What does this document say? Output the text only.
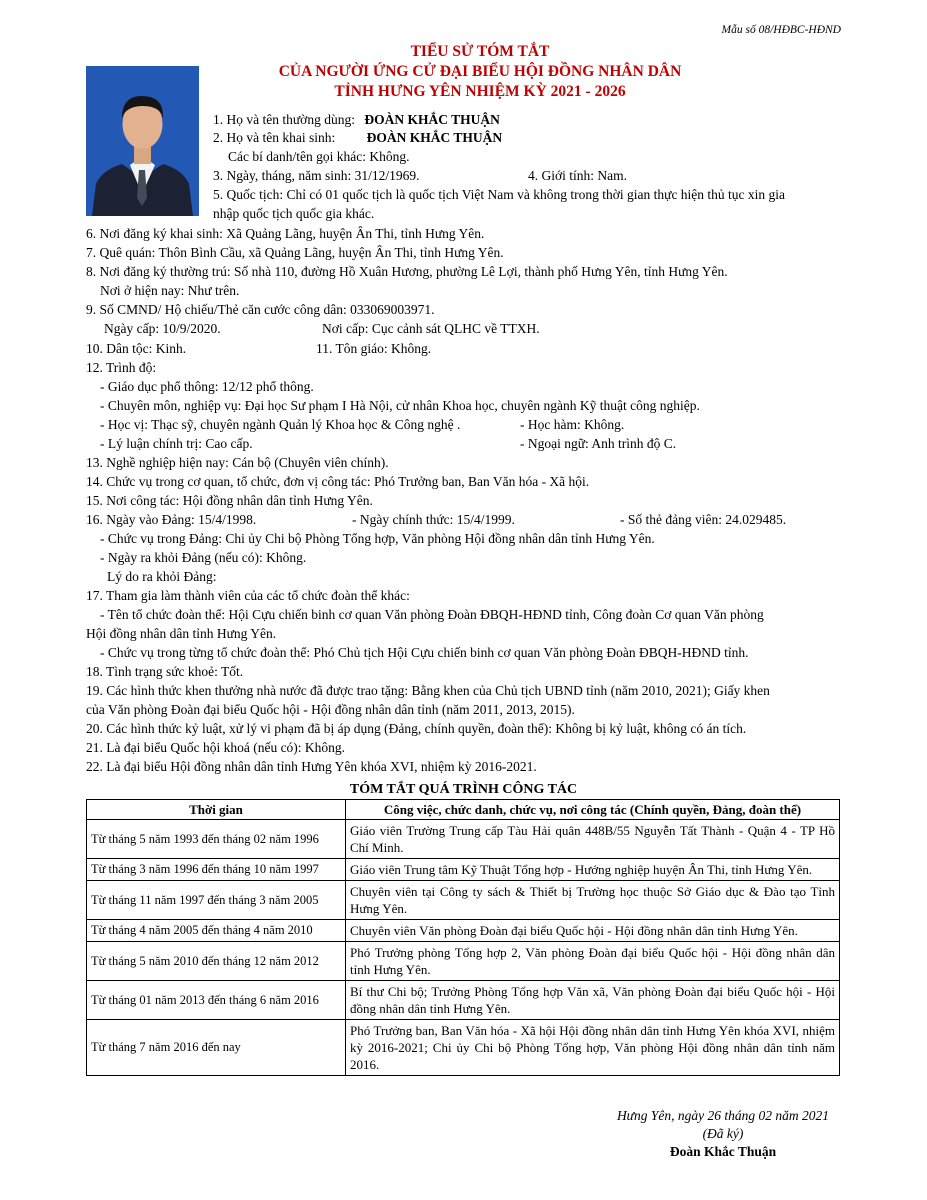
Mẫu số 08/HĐBC-HĐND
TIỂU SỬ TÓM TẮT
CỦA NGƯỜI ỨNG CỬ ĐẠI BIỂU HỘI ĐỒNG NHÂN DÂN
TỈNH HƯNG YÊN NHIỆM KỲ 2021 - 2026
1. Họ và tên thường dùng: ĐOÀN KHẮC THUẬN
2. Họ và tên khai sinh: ĐOÀN KHẮC THUẬN
Các bí danh/tên gọi khác: Không.
3. Ngày, tháng, năm sinh: 31/12/1969.	4. Giới tính: Nam.
5. Quốc tịch: Chỉ có 01 quốc tịch là quốc tịch Việt Nam và không trong thời gian thực hiện thủ tục xin gia
nhập quốc tịch quốc gia khác.
6. Nơi đăng ký khai sinh: Xã Quảng Lãng, huyện Ân Thi, tỉnh Hưng Yên.
7. Quê quán: Thôn Bình Cầu, xã Quảng Lãng, huyện Ân Thi, tỉnh Hưng Yên.
8. Nơi đăng ký thường trú: Số nhà 110, đường Hồ Xuân Hương, phường Lê Lợi, thành phố Hưng Yên, tỉnh Hưng Yên.
Nơi ở hiện nay: Như trên.
9. Số CMND/ Hộ chiếu/Thẻ căn cước công dân: 033069003971.
Ngày cấp: 10/9/2020.	Nơi cấp: Cục cảnh sát QLHC về TTXH.
10. Dân tộc: Kinh.	11. Tôn giáo: Không.
12. Trình độ:
- Giáo dục phổ thông: 12/12 phổ thông.
- Chuyên môn, nghiệp vụ: Đại học Sư phạm I Hà Nội, cử nhân Khoa học, chuyên ngành Kỹ thuật công nghiệp.
- Học vị: Thạc sỹ, chuyên ngành Quản lý Khoa học & Công nghệ .	- Học hàm: Không.
- Lý luận chính trị: Cao cấp.	- Ngoại ngữ: Anh trình độ C.
13. Nghề nghiệp hiện nay: Cán bộ (Chuyên viên chính).
14. Chức vụ trong cơ quan, tổ chức, đơn vị công tác: Phó Trưởng ban, Ban Văn hóa - Xã hội.
15. Nơi công tác: Hội đồng nhân dân tỉnh Hưng Yên.
16. Ngày vào Đảng: 15/4/1998.	- Ngày chính thức: 15/4/1999.	- Số thẻ đảng viên: 24.029485.
- Chức vụ trong Đảng: Chi ủy Chi bộ Phòng Tổng hợp, Văn phòng Hội đồng nhân dân tỉnh Hưng Yên.
- Ngày ra khỏi Đảng (nếu có): Không.
Lý do ra khỏi Đảng:
17. Tham gia làm thành viên của các tổ chức đoàn thể khác:
- Tên tổ chức đoàn thể: Hội Cựu chiến binh cơ quan Văn phòng Đoàn ĐBQH-HĐND tỉnh, Công đoàn Cơ quan Văn phòng
Hội đồng nhân dân tỉnh Hưng Yên.
- Chức vụ trong từng tổ chức đoàn thể: Phó Chủ tịch Hội Cựu chiến binh cơ quan Văn phòng Đoàn ĐBQH-HĐND tỉnh.
18. Tình trạng sức khoẻ: Tốt.
19. Các hình thức khen thưởng nhà nước đã được trao tặng: Bằng khen của Chủ tịch UBND tỉnh (năm 2010, 2021); Giấy khen
của Văn phòng Đoàn đại biểu Quốc hội - Hội đồng nhân dân tỉnh (năm 2011, 2013, 2015).
20. Các hình thức kỷ luật, xử lý vi phạm đã bị áp dụng (Đảng, chính quyền, đoàn thể): Không bị kỷ luật, không có án tích.
21. Là đại biểu Quốc hội khoá (nếu có): Không.
22. Là đại biểu Hội đồng nhân dân tỉnh Hưng Yên khóa XVI, nhiệm kỳ 2016-2021.
TÓM TẮT QUÁ TRÌNH CÔNG TÁC
Thời gian	Công việc, chức danh, chức vụ, nơi công tác (Chính quyền, Đảng, đoàn thể)
Từ tháng 5 năm 1993 đến tháng 02 năm 1996	Giáo viên Trường Trung cấp Tàu Hải quân 448B/55 Nguyễn Tất Thành - Quận 4 - TP Hồ Chí Minh.
Từ tháng 3 năm 1996 đến tháng 10 năm 1997	Giáo viên Trung tâm Kỹ Thuật Tổng hợp - Hướng nghiệp huyện Ân Thi, tỉnh Hưng Yên.
Từ tháng 11 năm 1997 đến tháng 3 năm 2005	Chuyên viên tại Công ty sách & Thiết bị Trường học thuộc Sở Giáo dục & Đào tạo Tỉnh Hưng Yên.
Từ tháng 4 năm 2005 đến tháng 4 năm 2010	Chuyên viên Văn phòng Đoàn đại biểu Quốc hội - Hội đồng nhân dân tỉnh Hưng Yên.
Từ tháng 5 năm 2010 đến tháng 12 năm 2012	Phó Trưởng phòng Tổng hợp 2, Văn phòng Đoàn đại biểu Quốc hội - Hội đồng nhân dân tỉnh Hưng Yên.
Từ tháng 01 năm 2013 đến tháng 6 năm 2016	Bí thư Chi bộ; Trưởng Phòng Tổng hợp Văn xã, Văn phòng Đoàn đại biểu Quốc hội - Hội đồng nhân dân tỉnh Hưng Yên.
Từ tháng 7 năm 2016 đến nay	Phó Trưởng ban, Ban Văn hóa - Xã hội Hội đồng nhân dân tỉnh Hưng Yên khóa XVI, nhiệm kỳ 2016-2021; Chi ủy Chi bộ Phòng Tổng hợp, Văn phòng Hội đồng nhân dân tỉnh năm 2016.
Hưng Yên, ngày 26 tháng 02 năm 2021
(Đã ký)
Đoàn Khắc Thuận
